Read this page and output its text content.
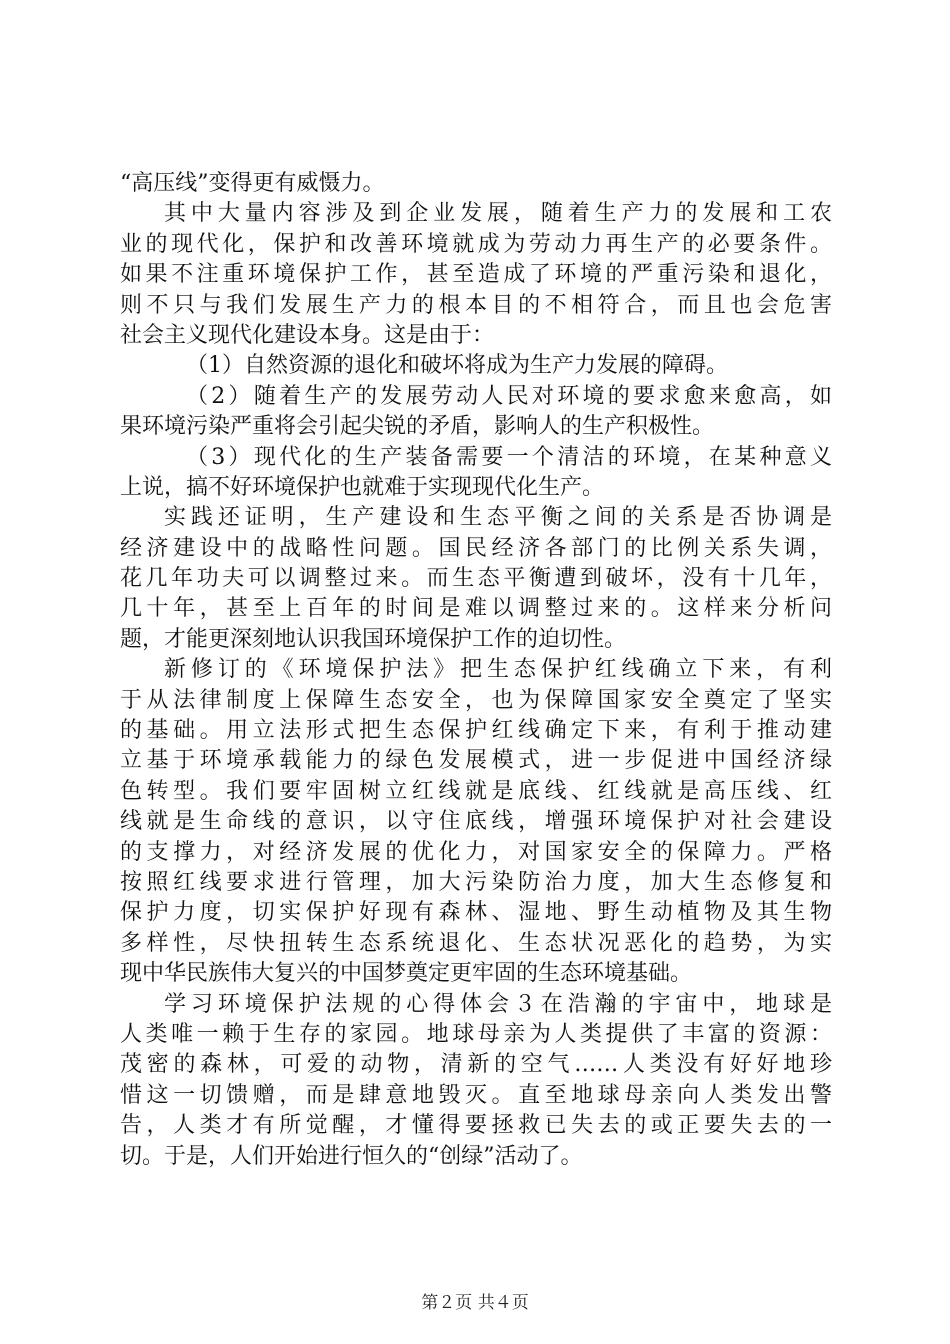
“高压线”变得更有威慑力。
其中大量内容涉及到企业发展，随着生产力的发展和工农
业的现代化，保护和改善环境就成为劳动力再生产的必要条件。
如果不注重环境保护工作，甚至造成了环境的严重污染和退化，
则不只与我们发展生产力的根本目的不相符合，而且也会危害
社会主义现代化建设本身。这是由于：
（1）自然资源的退化和破坏将成为生产力发展的障碍。
（2）随着生产的发展劳动人民对环境的要求愈来愈高，如
果环境污染严重将会引起尖锐的矛盾，影响人的生产积极性。
（3）现代化的生产装备需要一个清洁的环境，在某种意义
上说，搞不好环境保护也就难于实现现代化生产。
实践还证明，生产建设和生态平衡之间的关系是否协调是
经济建设中的战略性问题。国民经济各部门的比例关系失调，
花几年功夫可以调整过来。而生态平衡遭到破坏，没有十几年，
几十年，甚至上百年的时间是难以调整过来的。这样来分析问
题，才能更深刻地认识我国环境保护工作的迫切性。
新修订的《环境保护法》把生态保护红线确立下来，有利
于从法律制度上保障生态安全，也为保障国家安全奠定了坚实
的基础。用立法形式把生态保护红线确定下来，有利于推动建
立基于环境承载能力的绿色发展模式，进一步促进中国经济绿
色转型。我们要牢固树立红线就是底线、红线就是高压线、红
线就是生命线的意识，以守住底线，增强环境保护对社会建设
的支撑力，对经济发展的优化力，对国家安全的保障力。严格
按照红线要求进行管理，加大污染防治力度，加大生态修复和
保护力度，切实保护好现有森林、湿地、野生动植物及其生物
多样性，尽快扭转生态系统退化、生态状况恶化的趋势，为实
现中华民族伟大复兴的中国梦奠定更牢固的生态环境基础。
学习环境保护法规的心得体会３在浩瀚的宇宙中，地球是
人类唯一赖于生存的家园。地球母亲为人类提供了丰富的资源：
茂密的森林，可爱的动物，清新的空气……人类没有好好地珍
惜这一切馈赠，而是肆意地毁灭。直至地球母亲向人类发出警
告，人类才有所觉醒，才懂得要拯救已失去的或正要失去的一
切。于是，人们开始进行恒久的“创绿”活动了。
第２页 共４页
